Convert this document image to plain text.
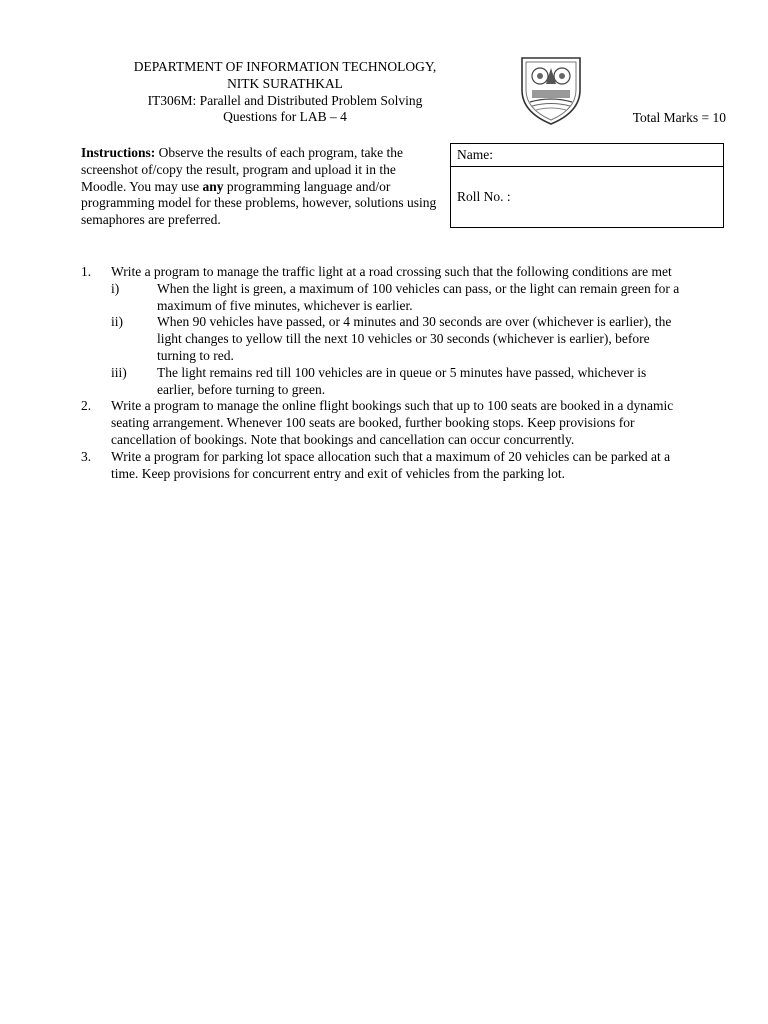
DEPARTMENT OF INFORMATION TECHNOLOGY,
NITK SURATHKAL
IT306M: Parallel and Distributed Problem Solving
Questions for LAB – 4	Total Marks = 10
Instructions: Observe the results of each program, take the screenshot of/copy the result, program and upload it in the Moodle. You may use any programming language and/or programming model for these problems, however, solutions using semaphores are preferred.
Name:
Roll No. :
1. Write a program to manage the traffic light at a road crossing such that the following conditions are met
i)	When the light is green, a maximum of 100 vehicles can pass, or the light can remain green for a maximum of five minutes, whichever is earlier.
ii)	When 90 vehicles have passed, or 4 minutes and 30 seconds are over (whichever is earlier), the light changes to yellow till the next 10 vehicles or 30 seconds (whichever is earlier), before turning to red.
iii) The light remains red till 100 vehicles are in queue or 5 minutes have passed, whichever is earlier, before turning to green.
2. Write a program to manage the online flight bookings such that up to 100 seats are booked in a dynamic seating arrangement. Whenever 100 seats are booked, further booking stops. Keep provisions for cancellation of bookings. Note that bookings and cancellation can occur concurrently.
3. Write a program for parking lot space allocation such that a maximum of 20 vehicles can be parked at a time. Keep provisions for concurrent entry and exit of vehicles from the parking lot.
